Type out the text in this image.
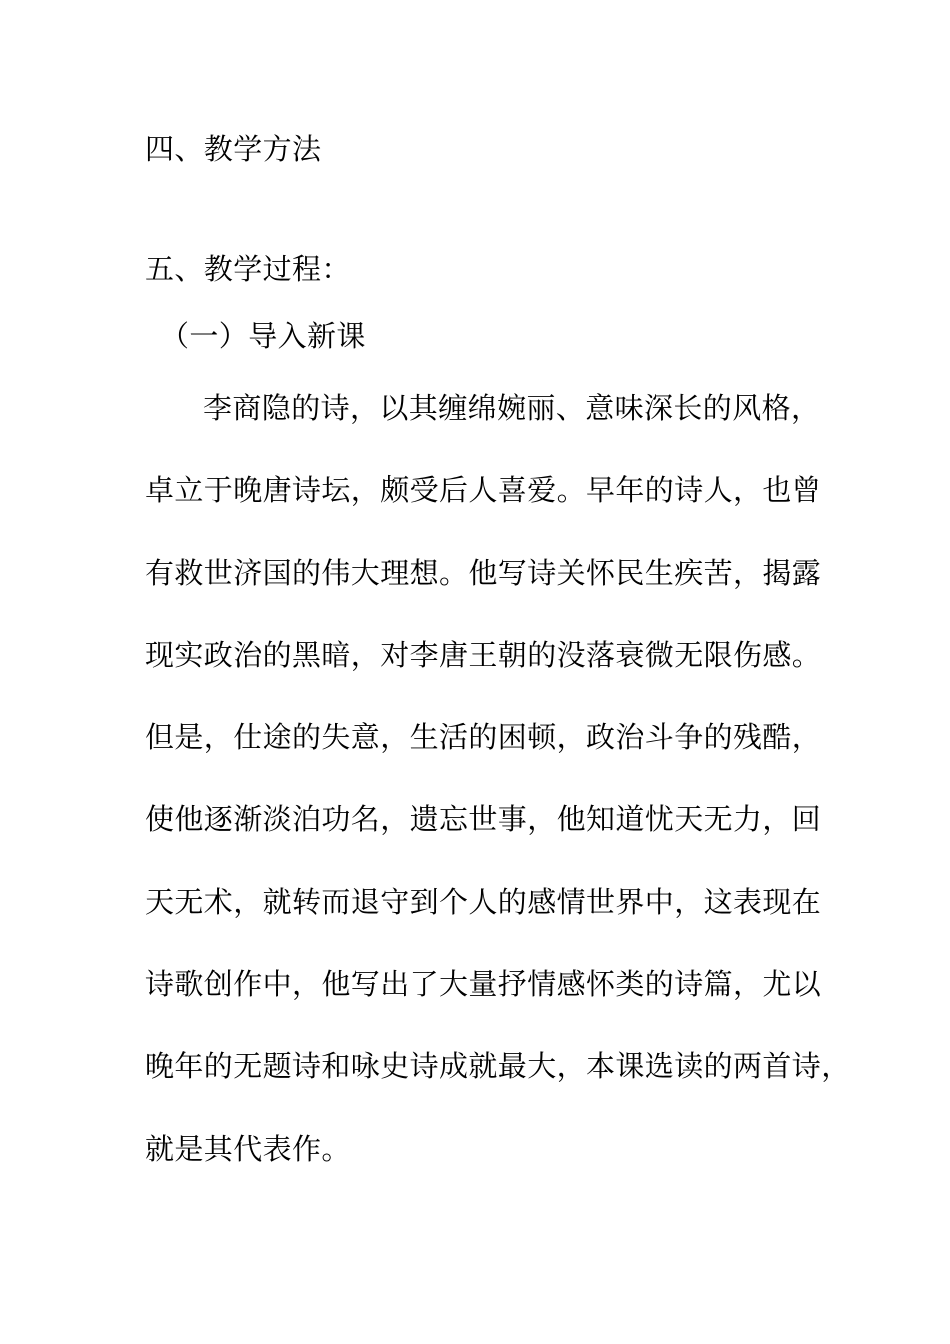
四、教学方法
五、教学过程：
（一）导入新课
李商隐的诗，以其缠绵婉丽、意味深长的风格，
卓立于晚唐诗坛，颇受后人喜爱。早年的诗人，也曾
有救世济国的伟大理想。他写诗关怀民生疾苦，揭露
现实政治的黑暗，对李唐王朝的没落衰微无限伤感。
但是，仕途的失意，生活的困顿，政治斗争的残酷，
使他逐渐淡泊功名，遗忘世事，他知道忧天无力，回
天无术，就转而退守到个人的感情世界中，这表现在
诗歌创作中，他写出了大量抒情感怀类的诗篇，尤以
晚年的无题诗和咏史诗成就最大，本课选读的两首诗，
就是其代表作。
